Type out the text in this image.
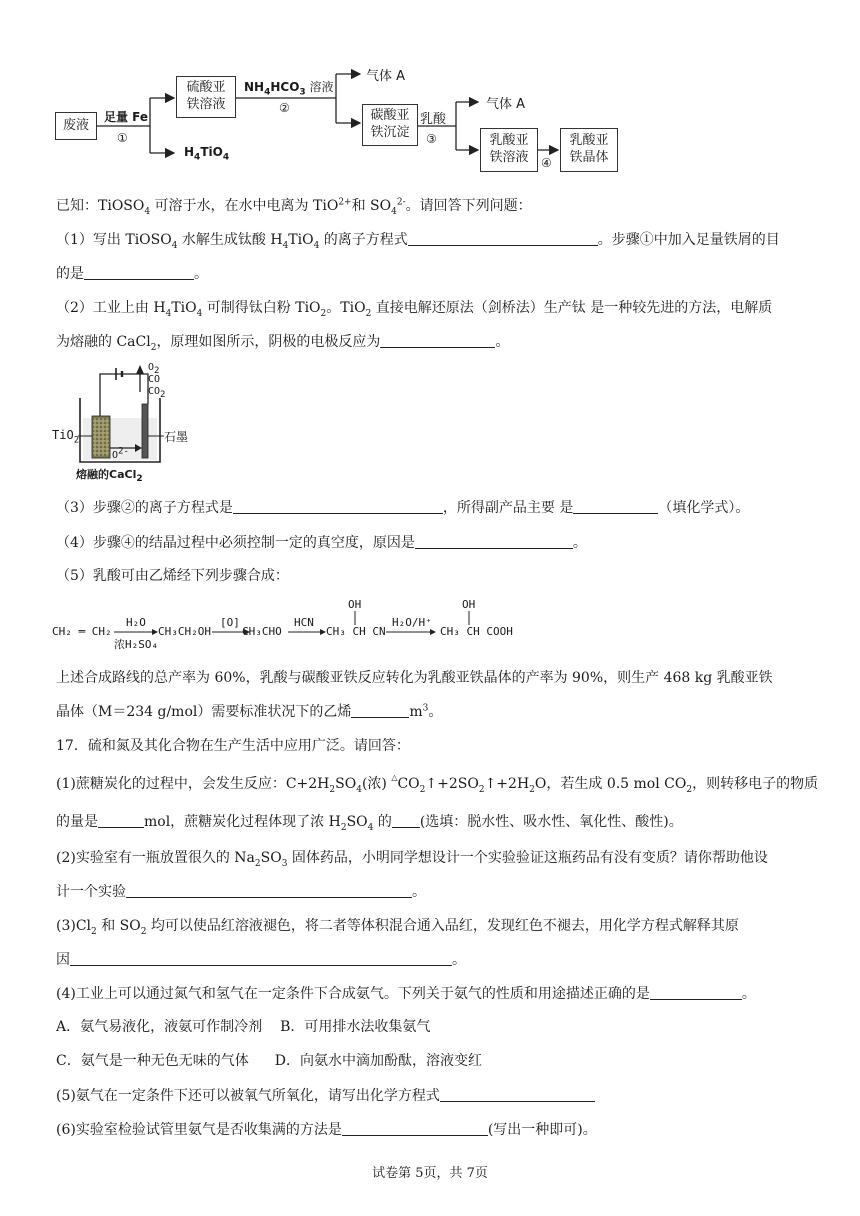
废液
足量 Fe
①
硫酸亚
铁溶液
$H_4TiO_4$
$NH_4HCO_3$ 溶液
②
气体 A
碳酸亚
铁沉淀
乳酸
③
气体 A
乳酸亚
铁溶液	④
乳酸亚
铁晶体
已知：TiOSO$_4$ 可溶于水，在水中电离为 TiO$^{2+}$和 $SO_4^{2-}$。请回答下列问题：
（1）写出 TiOSO$_4$ 水解生成钛酸 $H_4TiO_4$ 的离子方程式	。步骤①中加入足量铁屑的目
的是	。
（2）工业上由 $H_4TiO_4$ 可制得钛白粉 TiO$_2$。TiO$_2$ 直接电解还原法（剑桥法）生产钛 是一种较先进的方法，电解质
为熔融的 CaCl$_2$，原理如图所示，阴极的电极反应为	。
$O_2$
CO
$CO_2$
TiO$_2$	石墨
$O^{2-}$
熔融的CaCl$_2$
（3）步骤②的离子方程式是	，所得副产品主要 是	（填化学式）。
（4）步骤④的结晶过程中必须控制一定的真空度，原因是	。
（5）乳酸可由乙烯经下列步骤合成：
CH₂ ═ CH₂
H₂O
浓H₂SO₄
CH₃CH₂OH
[O]
CH₃CHO
HCN
OH
CH₃ CH CN
H₂O/H⁺
OH
CH₃ CH COOH
上述合成路线的总产率为 60%，乳酸与碳酸亚铁反应转化为乳酸亚铁晶体的产率为 90%，则生产 468 kg 乳酸亚铁
晶体（M＝234 g/mol）需要标准状况下的乙烯	$m^3$。
17．硫和氮及其化合物在生产生活中应用广泛。请回答：
(1)蔗糖炭化的过程中，会发生反应：$C+2H_2SO_4$(浓) $^\triangle CO_2↑+2SO_2↑+2H_2O$，若生成 0.5 mol $CO_2$，则转移电子的物质
的量是	mol，蔗糖炭化过程体现了浓 $H_2SO_4$ 的 (选填：脱水性、吸水性、氧化性、酸性)。
(2)实验室有一瓶放置很久的 $Na_2SO_3$ 固体药品，小明同学想设计一个实验验证这瓶药品有没有变质？请你帮助他设
计一个实验	。
$(3)Cl_2$ 和 $SO_2$ 均可以使品红溶液褪色，将二者等体积混合通入品红，发现红色不褪去，用化学方程式解释其原
因	。
(4)工业上可以通过氮气和氢气在一定条件下合成氨气。下列关于氨气的性质和用途描述正确的是	。
A．氨气易液化，液氨可作制冷剂 B．可用排水法收集氨气
C．氨气是一种无色无味的气体 D．向氨水中滴加酚酞，溶液变红
(5)氨气在一定条件下还可以被氧气所氧化，请写出化学方程式
(6)实验室检验试管里氨气是否收集满的方法是	(写出一种即可)。
试卷第 5页，共 7页
